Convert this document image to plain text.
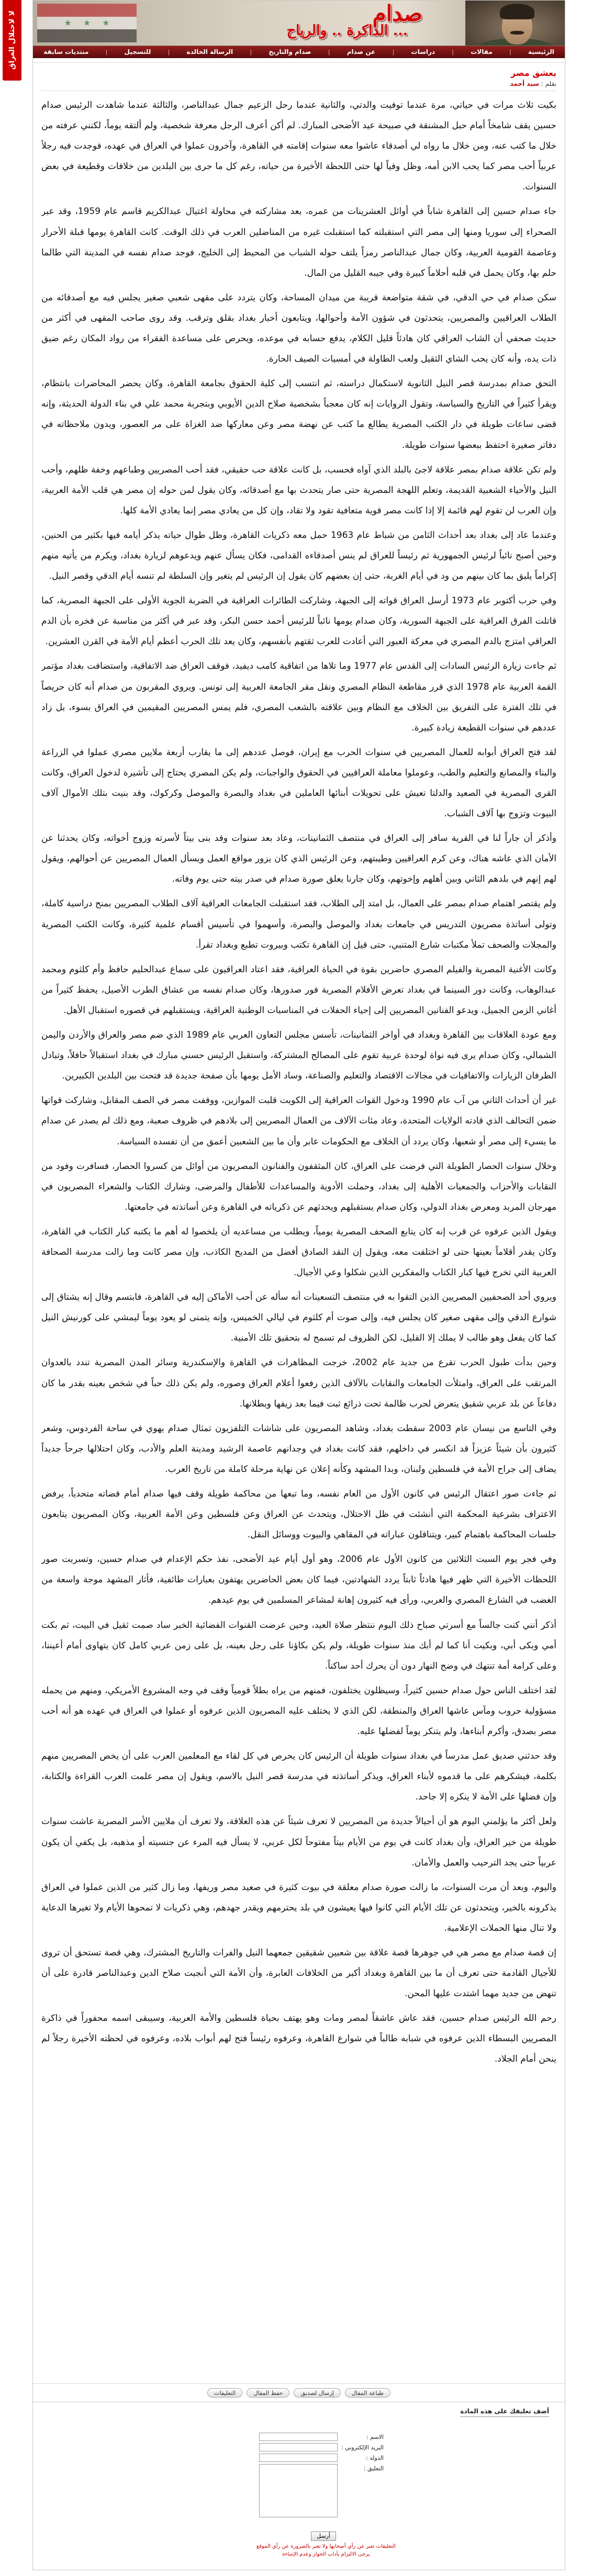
لا لاحتلال العراق	★
★
★	صدام
... الذاكرة .. والرياح
الرئيسية
|
مقالات
|
دراسات
|
عن صدام
|
صدام والتاريخ
|
الرسالة الخالدة
|
للتسجيل
|
منتديات سابقة
يعشق مصر
بقلم : سيد أحمد

بكيت ثلاث مرات في حياتي، مرة عندما توفيت والدتي، والثانية عندما رحل الزعيم جمال عبدالناصر، والثالثة عندما شاهدت الرئيس صدام حسين يقف شامخاً أمام حبل المشنقة في صبيحة عيد الأضحى المبارك. لم أكن أعرف الرجل معرفة شخصية، ولم ألتقه يوماً، لكنني عرفته من خلال ما كتب عنه، ومن خلال ما رواه لي أصدقاء عاشوا معه سنوات إقامته في القاهرة، وآخرون عملوا في العراق في عهده، فوجدت فيه رجلاً عربياً أحب مصر كما يحب الابن أمه، وظل وفياً لها حتى اللحظة الأخيرة من حياته، رغم كل ما جرى بين البلدين من خلافات وقطيعة في بعض السنوات.

جاء صدام حسين إلى القاهرة شاباً في أوائل العشرينات من عمره، بعد مشاركته في محاولة اغتيال عبدالكريم قاسم عام 1959، وقد عبر الصحراء إلى سوريا ومنها إلى مصر التي استقبلته كما استقبلت غيره من المناضلين العرب في ذلك الوقت. كانت القاهرة يومها قبلة الأحرار وعاصمة القومية العربية، وكان جمال عبدالناصر رمزاً يلتف حوله الشباب من المحيط إلى الخليج، فوجد صدام نفسه في المدينة التي طالما حلم بها، وكان يحمل في قلبه أحلاماً كبيرة وفي جيبه القليل من المال.

سكن صدام في حي الدقي، في شقة متواضعة قريبة من ميدان المساحة، وكان يتردد على مقهى شعبي صغير يجلس فيه مع أصدقائه من الطلاب العراقيين والمصريين، يتحدثون في شؤون الأمة وأحوالها، ويتابعون أخبار بغداد بقلق وترقب. وقد روى صاحب المقهى في أكثر من حديث صحفي أن الشاب العراقي كان هادئاً قليل الكلام، يدفع حسابه في موعده، ويحرص على مساعدة الفقراء من رواد المكان رغم ضيق ذات يده، وأنه كان يحب الشاي الثقيل ولعب الطاولة في أمسيات الصيف الحارة.

التحق صدام بمدرسة قصر النيل الثانوية لاستكمال دراسته، ثم انتسب إلى كلية الحقوق بجامعة القاهرة، وكان يحضر المحاضرات بانتظام، ويقرأ كثيراً في التاريخ والسياسة، وتقول الروايات إنه كان معجباً بشخصية صلاح الدين الأيوبي وبتجربة محمد علي في بناء الدولة الحديثة، وإنه قضى ساعات طويلة في دار الكتب المصرية يطالع ما كتب عن نهضة مصر وعن معاركها ضد الغزاة على مر العصور، ويدون ملاحظاته في دفاتر صغيرة احتفظ ببعضها سنوات طويلة.

ولم تكن علاقة صدام بمصر علاقة لاجئ بالبلد الذي آواه فحسب، بل كانت علاقة حب حقيقي، فقد أحب المصريين وطباعهم وخفة ظلهم، وأحب النيل والأحياء الشعبية القديمة، وتعلم اللهجة المصرية حتى صار يتحدث بها مع أصدقائه، وكان يقول لمن حوله إن مصر هي قلب الأمة العربية، وإن العرب لن تقوم لهم قائمة إلا إذا كانت مصر قوية متعافية تقود ولا تقاد، وإن كل من يعادي مصر إنما يعادي الأمة كلها.

وعندما عاد إلى بغداد بعد أحداث الثامن من شباط عام 1963 حمل معه ذكريات القاهرة، وظل طوال حياته يذكر أيامه فيها بكثير من الحنين، وحين أصبح نائباً لرئيس الجمهورية ثم رئيساً للعراق لم ينس أصدقاءه القدامى، فكان يسأل عنهم ويدعوهم لزيارة بغداد، ويكرم من يأتيه منهم إكراماً يليق بما كان بينهم من ود في أيام الغربة، حتى إن بعضهم كان يقول إن الرئيس لم يتغير وإن السلطة لم تنسه أيام الدقي وقصر النيل.

وفي حرب أكتوبر عام 1973 أرسل العراق قواته إلى الجبهة، وشاركت الطائرات العراقية في الضربة الجوية الأولى على الجبهة المصرية، كما قاتلت الفرق العراقية على الجبهة السورية، وكان صدام يومها نائباً للرئيس أحمد حسن البكر، وقد عبر في أكثر من مناسبة عن فخره بأن الدم العراقي امتزج بالدم المصري في معركة العبور التي أعادت للعرب ثقتهم بأنفسهم، وكان يعد تلك الحرب أعظم أيام الأمة في القرن العشرين.

ثم جاءت زيارة الرئيس السادات إلى القدس عام 1977 وما تلاها من اتفاقية كامب ديفيد، فوقف العراق ضد الاتفاقية، واستضافت بغداد مؤتمر القمة العربية عام 1978 الذي قرر مقاطعة النظام المصري ونقل مقر الجامعة العربية إلى تونس. ويروي المقربون من صدام أنه كان حريصاً في تلك الفترة على التفريق بين الخلاف مع النظام وبين علاقته بالشعب المصري، فلم يمس المصريين المقيمين في العراق بسوء، بل زاد عددهم في سنوات القطيعة زيادة كبيرة.

لقد فتح العراق أبوابه للعمال المصريين في سنوات الحرب مع إيران، فوصل عددهم إلى ما يقارب أربعة ملايين مصري عملوا في الزراعة والبناء والمصانع والتعليم والطب، وعوملوا معاملة العراقيين في الحقوق والواجبات، ولم يكن المصري يحتاج إلى تأشيرة لدخول العراق، وكانت القرى المصرية في الصعيد والدلتا تعيش على تحويلات أبنائها العاملين في بغداد والبصرة والموصل وكركوك، وقد بنيت بتلك الأموال آلاف البيوت وتزوج بها آلاف الشباب.

وأذكر أن جاراً لنا في القرية سافر إلى العراق في منتصف الثمانينات، وعاد بعد سنوات وقد بنى بيتاً لأسرته وزوج أخواته، وكان يحدثنا عن الأمان الذي عاشه هناك، وعن كرم العراقيين وطيبتهم، وعن الرئيس الذي كان يزور مواقع العمل ويسأل العمال المصريين عن أحوالهم، ويقول لهم إنهم في بلدهم الثاني وبين أهلهم وإخوتهم، وكان جارنا يعلق صورة صدام في صدر بيته حتى يوم وفاته.

ولم يقتصر اهتمام صدام بمصر على العمال، بل امتد إلى الطلاب، فقد استقبلت الجامعات العراقية آلاف الطلاب المصريين بمنح دراسية كاملة، وتولى أساتذة مصريون التدريس في جامعات بغداد والموصل والبصرة، وأسهموا في تأسيس أقسام علمية كثيرة، وكانت الكتب المصرية والمجلات والصحف تملأ مكتبات شارع المتنبي، حتى قيل إن القاهرة تكتب وبيروت تطبع وبغداد تقرأ.

وكانت الأغنية المصرية والفيلم المصري حاضرين بقوة في الحياة العراقية، فقد اعتاد العراقيون على سماع عبدالحليم حافظ وأم كلثوم ومحمد عبدالوهاب، وكانت دور السينما في بغداد تعرض الأفلام المصرية فور صدورها، وكان صدام نفسه من عشاق الطرب الأصيل، يحفظ كثيراً من أغاني الزمن الجميل، ويدعو الفنانين المصريين إلى إحياء الحفلات في المناسبات الوطنية العراقية، ويستقبلهم في قصوره استقبال الأهل.

ومع عودة العلاقات بين القاهرة وبغداد في أواخر الثمانينات، تأسس مجلس التعاون العربي عام 1989 الذي ضم مصر والعراق والأردن واليمن الشمالي، وكان صدام يرى فيه نواة لوحدة عربية تقوم على المصالح المشتركة، واستقبل الرئيس حسني مبارك في بغداد استقبالاً حافلاً، وتبادل الطرفان الزيارات والاتفاقيات في مجالات الاقتصاد والتعليم والصناعة، وساد الأمل يومها بأن صفحة جديدة قد فتحت بين البلدين الكبيرين.

غير أن أحداث الثاني من آب عام 1990 ودخول القوات العراقية إلى الكويت قلبت الموازين، ووقفت مصر في الصف المقابل، وشاركت قواتها ضمن التحالف الذي قادته الولايات المتحدة، وعاد مئات الآلاف من العمال المصريين إلى بلادهم في ظروف صعبة، ومع ذلك لم يصدر عن صدام ما يسيء إلى مصر أو شعبها، وكان يردد أن الخلاف مع الحكومات عابر وأن ما بين الشعبين أعمق من أن تفسده السياسة.

وخلال سنوات الحصار الطويلة التي فرضت على العراق، كان المثقفون والفنانون المصريون من أوائل من كسروا الحصار، فسافرت وفود من النقابات والأحزاب والجمعيات الأهلية إلى بغداد، وحملت الأدوية والمساعدات للأطفال والمرضى، وشارك الكتاب والشعراء المصريون في مهرجان المربد ومعرض بغداد الدولي، وكان صدام يستقبلهم ويحدثهم عن ذكرياته في القاهرة وعن أساتذته في جامعتها.

ويقول الذين عرفوه عن قرب إنه كان يتابع الصحف المصرية يومياً، ويطلب من مساعديه أن يلخصوا له أهم ما يكتبه كبار الكتاب في القاهرة، وكان يقدر أقلاماً بعينها حتى لو اختلفت معه، ويقول إن النقد الصادق أفضل من المديح الكاذب، وإن مصر كانت وما زالت مدرسة الصحافة العربية التي تخرج فيها كبار الكتاب والمفكرين الذين شكلوا وعي الأجيال.

ويروي أحد الصحفيين المصريين الذين التقوا به في منتصف التسعينات أنه سأله عن أحب الأماكن إليه في القاهرة، فابتسم وقال إنه يشتاق إلى شوارع الدقي وإلى مقهى صغير كان يجلس فيه، وإلى صوت أم كلثوم في ليالي الخميس، وإنه يتمنى لو يعود يوماً ليمشي على كورنيش النيل كما كان يفعل وهو طالب لا يملك إلا القليل، لكن الظروف لم تسمح له بتحقيق تلك الأمنية.

وحين بدأت طبول الحرب تقرع من جديد عام 2002، خرجت المظاهرات في القاهرة والإسكندرية وسائر المدن المصرية تندد بالعدوان المرتقب على العراق، وامتلأت الجامعات والنقابات بالآلاف الذين رفعوا أعلام العراق وصوره، ولم يكن ذلك حباً في شخص بعينه بقدر ما كان دفاعاً عن بلد عربي شقيق يتعرض لحرب ظالمة تحت ذرائع ثبت فيما بعد زيفها وبطلانها.

وفي التاسع من نيسان عام 2003 سقطت بغداد، وشاهد المصريون على شاشات التلفزيون تمثال صدام يهوي في ساحة الفردوس، وشعر كثيرون بأن شيئاً عزيزاً قد انكسر في داخلهم، فقد كانت بغداد في وجدانهم عاصمة الرشيد ومدينة العلم والأدب، وكان احتلالها جرحاً جديداً يضاف إلى جراح الأمة في فلسطين ولبنان، وبدا المشهد وكأنه إعلان عن نهاية مرحلة كاملة من تاريخ العرب.

ثم جاءت صور اعتقال الرئيس في كانون الأول من العام نفسه، وما تبعها من محاكمة طويلة وقف فيها صدام أمام قضاته متحدياً، يرفض الاعتراف بشرعية المحكمة التي أنشئت في ظل الاحتلال، ويتحدث عن العراق وعن فلسطين وعن الأمة العربية، وكان المصريون يتابعون جلسات المحاكمة باهتمام كبير، ويتناقلون عباراته في المقاهي والبيوت ووسائل النقل.

وفي فجر يوم السبت الثلاثين من كانون الأول عام 2006، وهو أول أيام عيد الأضحى، نفذ حكم الإعدام في صدام حسين، وتسربت صور اللحظات الأخيرة التي ظهر فيها هادئاً ثابتاً يردد الشهادتين، فيما كان بعض الحاضرين يهتفون بعبارات طائفية، فأثار المشهد موجة واسعة من الغضب في الشارع المصري والعربي، ورأى فيه كثيرون إهانة لمشاعر المسلمين في يوم عيدهم.

أذكر أنني كنت جالساً مع أسرتي صباح ذلك اليوم ننتظر صلاة العيد، وحين عرضت القنوات الفضائية الخبر ساد صمت ثقيل في البيت، ثم بكت أمي وبكى أبي، وبكيت أنا كما لم أبك منذ سنوات طويلة، ولم يكن بكاؤنا على رجل بعينه، بل على زمن عربي كامل كان يتهاوى أمام أعيننا، وعلى كرامة أمة تنتهك في وضح النهار دون أن يحرك أحد ساكناً.

لقد اختلف الناس حول صدام حسين كثيراً، وسيظلون يختلفون، فمنهم من يراه بطلاً قومياً وقف في وجه المشروع الأمريكي، ومنهم من يحمله مسؤولية حروب ومآس عاشها العراق والمنطقة، لكن الذي لا يختلف عليه المصريون الذين عرفوه أو عملوا في العراق في عهده هو أنه أحب مصر بصدق، وأكرم أبناءها، ولم يتنكر يوماً لفضلها عليه.

وقد حدثني صديق عمل مدرساً في بغداد سنوات طويلة أن الرئيس كان يحرص في كل لقاء مع المعلمين العرب على أن يخص المصريين منهم بكلمة، فيشكرهم على ما قدموه لأبناء العراق، ويذكر أساتذته في مدرسة قصر النيل بالاسم، ويقول إن مصر علمت العرب القراءة والكتابة، وإن فضلها على الأمة لا ينكره إلا جاحد.

ولعل أكثر ما يؤلمني اليوم هو أن أجيالاً جديدة من المصريين لا تعرف شيئاً عن هذه العلاقة، ولا تعرف أن ملايين الأسر المصرية عاشت سنوات طويلة من خير العراق، وأن بغداد كانت في يوم من الأيام بيتاً مفتوحاً لكل عربي، لا يسأل فيه المرء عن جنسيته أو مذهبه، بل يكفي أن يكون عربياً حتى يجد الترحيب والعمل والأمان.

واليوم، وبعد أن مرت السنوات، ما زالت صورة صدام معلقة في بيوت كثيرة في صعيد مصر وريفها، وما زال كثير من الذين عملوا في العراق يذكرونه بالخير، ويتحدثون عن تلك الأيام التي كانوا فيها يعيشون في بلد يحترمهم ويقدر جهدهم، وهي ذكريات لا تمحوها الأيام ولا تغيرها الدعاية ولا تنال منها الحملات الإعلامية.

إن قصة صدام مع مصر هي في جوهرها قصة علاقة بين شعبين شقيقين جمعهما النيل والفرات والتاريخ المشترك، وهي قصة تستحق أن تروى للأجيال القادمة حتى تعرف أن ما بين القاهرة وبغداد أكبر من الخلافات العابرة، وأن الأمة التي أنجبت صلاح الدين وعبدالناصر قادرة على أن تنهض من جديد مهما اشتدت عليها المحن.

رحم الله الرئيس صدام حسين، فقد عاش عاشقاً لمصر ومات وهو يهتف بحياة فلسطين والأمة العربية، وسيبقى اسمه محفوراً في ذاكرة المصريين البسطاء الذين عرفوه في شبابه طالباً في شوارع القاهرة، وعرفوه رئيساً فتح لهم أبواب بلاده، وعرفوه في لحظته الأخيرة رجلاً لم ينحن أمام الجلاد.

طباعة المقال
إرسال لصديق
حفظ المقال
التعليقات
أضف تعليقك على هذه المادة
الاسم :
البريد الإلكتروني :
الدولة :
التعليق :
أرسل
التعليقات تعبر عن رأي أصحابها ولا تعبر بالضرورة عن رأي الموقع
يرجى الالتزام بآداب الحوار وعدم الإساءة
